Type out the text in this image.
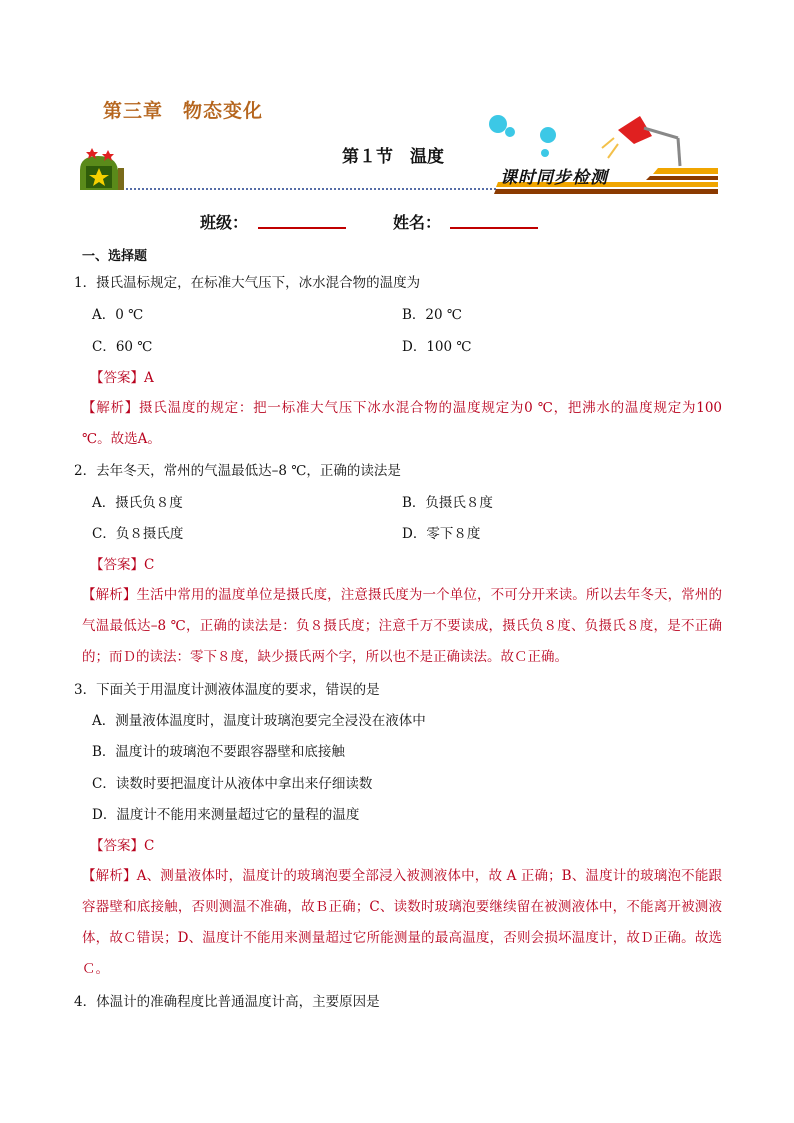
第三章　物态变化
第１节　温度
课时同步检测
班级：	姓名：
一、选择题
1．摄氏温标规定，在标准大气压下，冰水混合物的温度为
A．0 ℃	B．20 ℃
C．60 ℃	D．100 ℃
【答案】A
【解析】摄氏温度的规定：把一标准大气压下冰水混合物的温度规定为0 ℃，把沸水的温度规定为100 ℃。故选A。
2．去年冬天，常州的气温最低达–8 ℃，正确的读法是
A．摄氏负８度	B．负摄氏８度
C．负８摄氏度	D．零下８度
【答案】C
【解析】生活中常用的温度单位是摄氏度，注意摄氏度为一个单位，不可分开来读。所以去年冬天，常州的气温最低达–8 ℃，正确的读法是：负８摄氏度；注意千万不要读成，摄氏负８度、负摄氏８度，是不正确的；而Ｄ的读法：零下８度，缺少摄氏两个字，所以也不是正确读法。故Ｃ正确。
3．下面关于用温度计测液体温度的要求，错误的是
A．测量液体温度时，温度计玻璃泡要完全浸没在液体中
B．温度计的玻璃泡不要跟容器壁和底接触
C．读数时要把温度计从液体中拿出来仔细读数
D．温度计不能用来测量超过它的量程的温度
【答案】C
【解析】A、测量液体时，温度计的玻璃泡要全部浸入被测液体中，故 A 正确；B、温度计的玻璃泡不能跟容器壁和底接触，否则测温不准确，故Ｂ正确；C、读数时玻璃泡要继续留在被测液体中，不能离开被测液体，故Ｃ错误；D、温度计不能用来测量超过它所能测量的最高温度，否则会损坏温度计，故Ｄ正确。故选Ｃ。
4．体温计的准确程度比普通温度计高，主要原因是
